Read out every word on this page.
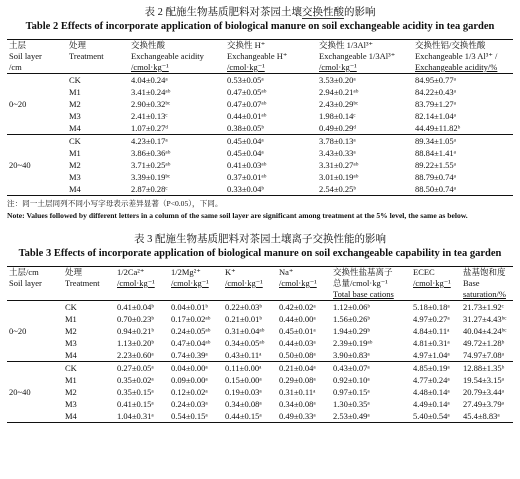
表 2 配施生物基质肥料对茶园土壤交换性酸的影响
Table 2 Effects of incorporate application of biological manure on soil exchangeable acidity in tea garden
土层	处理	交换性酸	交换性 H⁺	交换性 1/3Al³⁺	交换性铝/交换性酸
Soil layer	Treatment	Exchangeable acidity	Exchangeable H⁺	Exchangeable 1/3Al³⁺	Exchangeable 1/3 Al³⁺ /
/cm		/cmol·kg⁻¹	/cmol·kg⁻¹	/cmol·kg⁻¹	Exchangeable acidity/%
	CK	4.04±0.24ᵃ	0.53±0.05ᵃ	3.53±0.20ᵃ	84.95±0.77ᵃ
	M1	3.41±0.24ᵃᵇ	0.47±0.05ᵃᵇ	2.94±0.21ᵃᵇ	84.22±0.43ᵃ
0~20	M2	2.90±0.32ᵇᶜ	0.47±0.07ᵃᵇ	2.43±0.29ᵇᶜ	83.79±1.27ᵃ
	M3	2.41±0.13ᶜ	0.44±0.01ᵃᵇ	1.98±0.14ᶜ	82.14±1.04ᵃ
	M4	1.07±0.27ᵈ	0.38±0.05ᵇ	0.49±0.29ᵈ	44.49±11.82ᵇ
	CK	4.23±0.17ᵃ	0.45±0.04ᵃ	3.78±0.13ᵃ	89.34±1.05ᵃ
	M1	3.86±0.36ᵃᵇ	0.45±0.04ᵃ	3.43±0.33ᵃ	88.84±1.41ᵃ
20~40	M2	3.71±0.25ᵃᵇ	0.41±0.03ᵃᵇ	3.31±0.27ᵃᵇ	89.22±1.55ᵃ
	M3	3.39±0.19ᵇᶜ	0.37±0.01ᵃᵇ	3.01±0.19ᵃᵇ	88.79±0.74ᵃ
	M4	2.87±0.28ᶜ	0.33±0.04ᵇ	2.54±0.25ᵇ	88.50±0.74ᵃ
注：同一土层同列不同小写字母表示差异显著（P<0.05），下同。
Note: Values followed by different letters in a column of the same soil layer are significant among treatment at the 5% level, the same as below.
表 3 配施生物基质肥料对茶园土壤离子交换性能的影响
Table 3 Effects of incorporate application of biological manure on soil exchangeable capability in tea garden
土层/cm	处理	1/2Ca²⁺	1/2Mg²⁺	K⁺	Na⁺	交换性盐基离子	ECEC	盐基饱和度
Soil layer	Treatment	/cmol·kg⁻¹	/cmol·kg⁻¹	/cmol·kg⁻¹	/cmol·kg⁻¹	总量/cmol·kg⁻¹	/cmol·kg⁻¹	Base
						Total base cations		saturation/%
	CK	0.41±0.04ᵇ	0.04±0.01ᵇ	0.22±0.03ᵇ	0.42±0.02ᵃ	1.12±0.06ᵇ	5.18±0.18ᵃ	21.73±1.92ᶜ
	M1	0.70±0.23ᵇ	0.17±0.02ᵃᵇ	0.21±0.01ᵇ	0.44±0.00ᵃ	1.56±0.26ᵇ	4.97±0.27ᵃ	31.27±4.43ᵇᶜ
0~20	M2	0.94±0.21ᵇ	0.24±0.05ᵃᵇ	0.31±0.04ᵃᵇ	0.45±0.01ᵃ	1.94±0.29ᵇ	4.84±0.11ᵃ	40.04±4.24ᵇᶜ
	M3	1.13±0.20ᵇ	0.47±0.04ᵃᵇ	0.34±0.05ᵃᵇ	0.44±0.03ᵃ	2.39±0.19ᵃᵇ	4.81±0.31ᵃ	49.72±1.28ᵇ
	M4	2.23±0.60ᵃ	0.74±0.39ᵃ	0.43±0.11ᵃ	0.50±0.08ᵃ	3.90±0.83ᵃ	4.97±1.04ᵃ	74.97±7.08ᵃ
	CK	0.27±0.05ᵃ	0.04±0.00ᵃ	0.11±0.00ᵃ	0.21±0.04ᵃ	0.43±0.07ᵃ	4.85±0.19ᵃ	12.88±1.35ᵇ
	M1	0.35±0.02ᵃ	0.09±0.00ᵃ	0.15±0.00ᵃ	0.29±0.08ᵃ	0.92±0.10ᵃ	4.77±0.24ᵃ	19.54±3.15ᵃ
20~40	M2	0.35±0.15ᵃ	0.12±0.02ᵃ	0.19±0.03ᵃ	0.31±0.11ᵃ	0.97±0.15ᵃ	4.48±0.14ᵃ	20.79±3.44ᵃ
	M3	0.41±0.15ᵃ	0.24±0.03ᵃ	0.34±0.08ᵃ	0.34±0.08ᵃ	1.30±0.35ᵃ	4.49±0.14ᵃ	27.49±3.79ᵃ
	M4	1.04±0.31ᵃ	0.54±0.15ᵃ	0.44±0.15ᵃ	0.49±0.33ᵃ	2.53±0.49ᵃ	5.40±0.54ᵃ	45.4±8.83ᵃ
